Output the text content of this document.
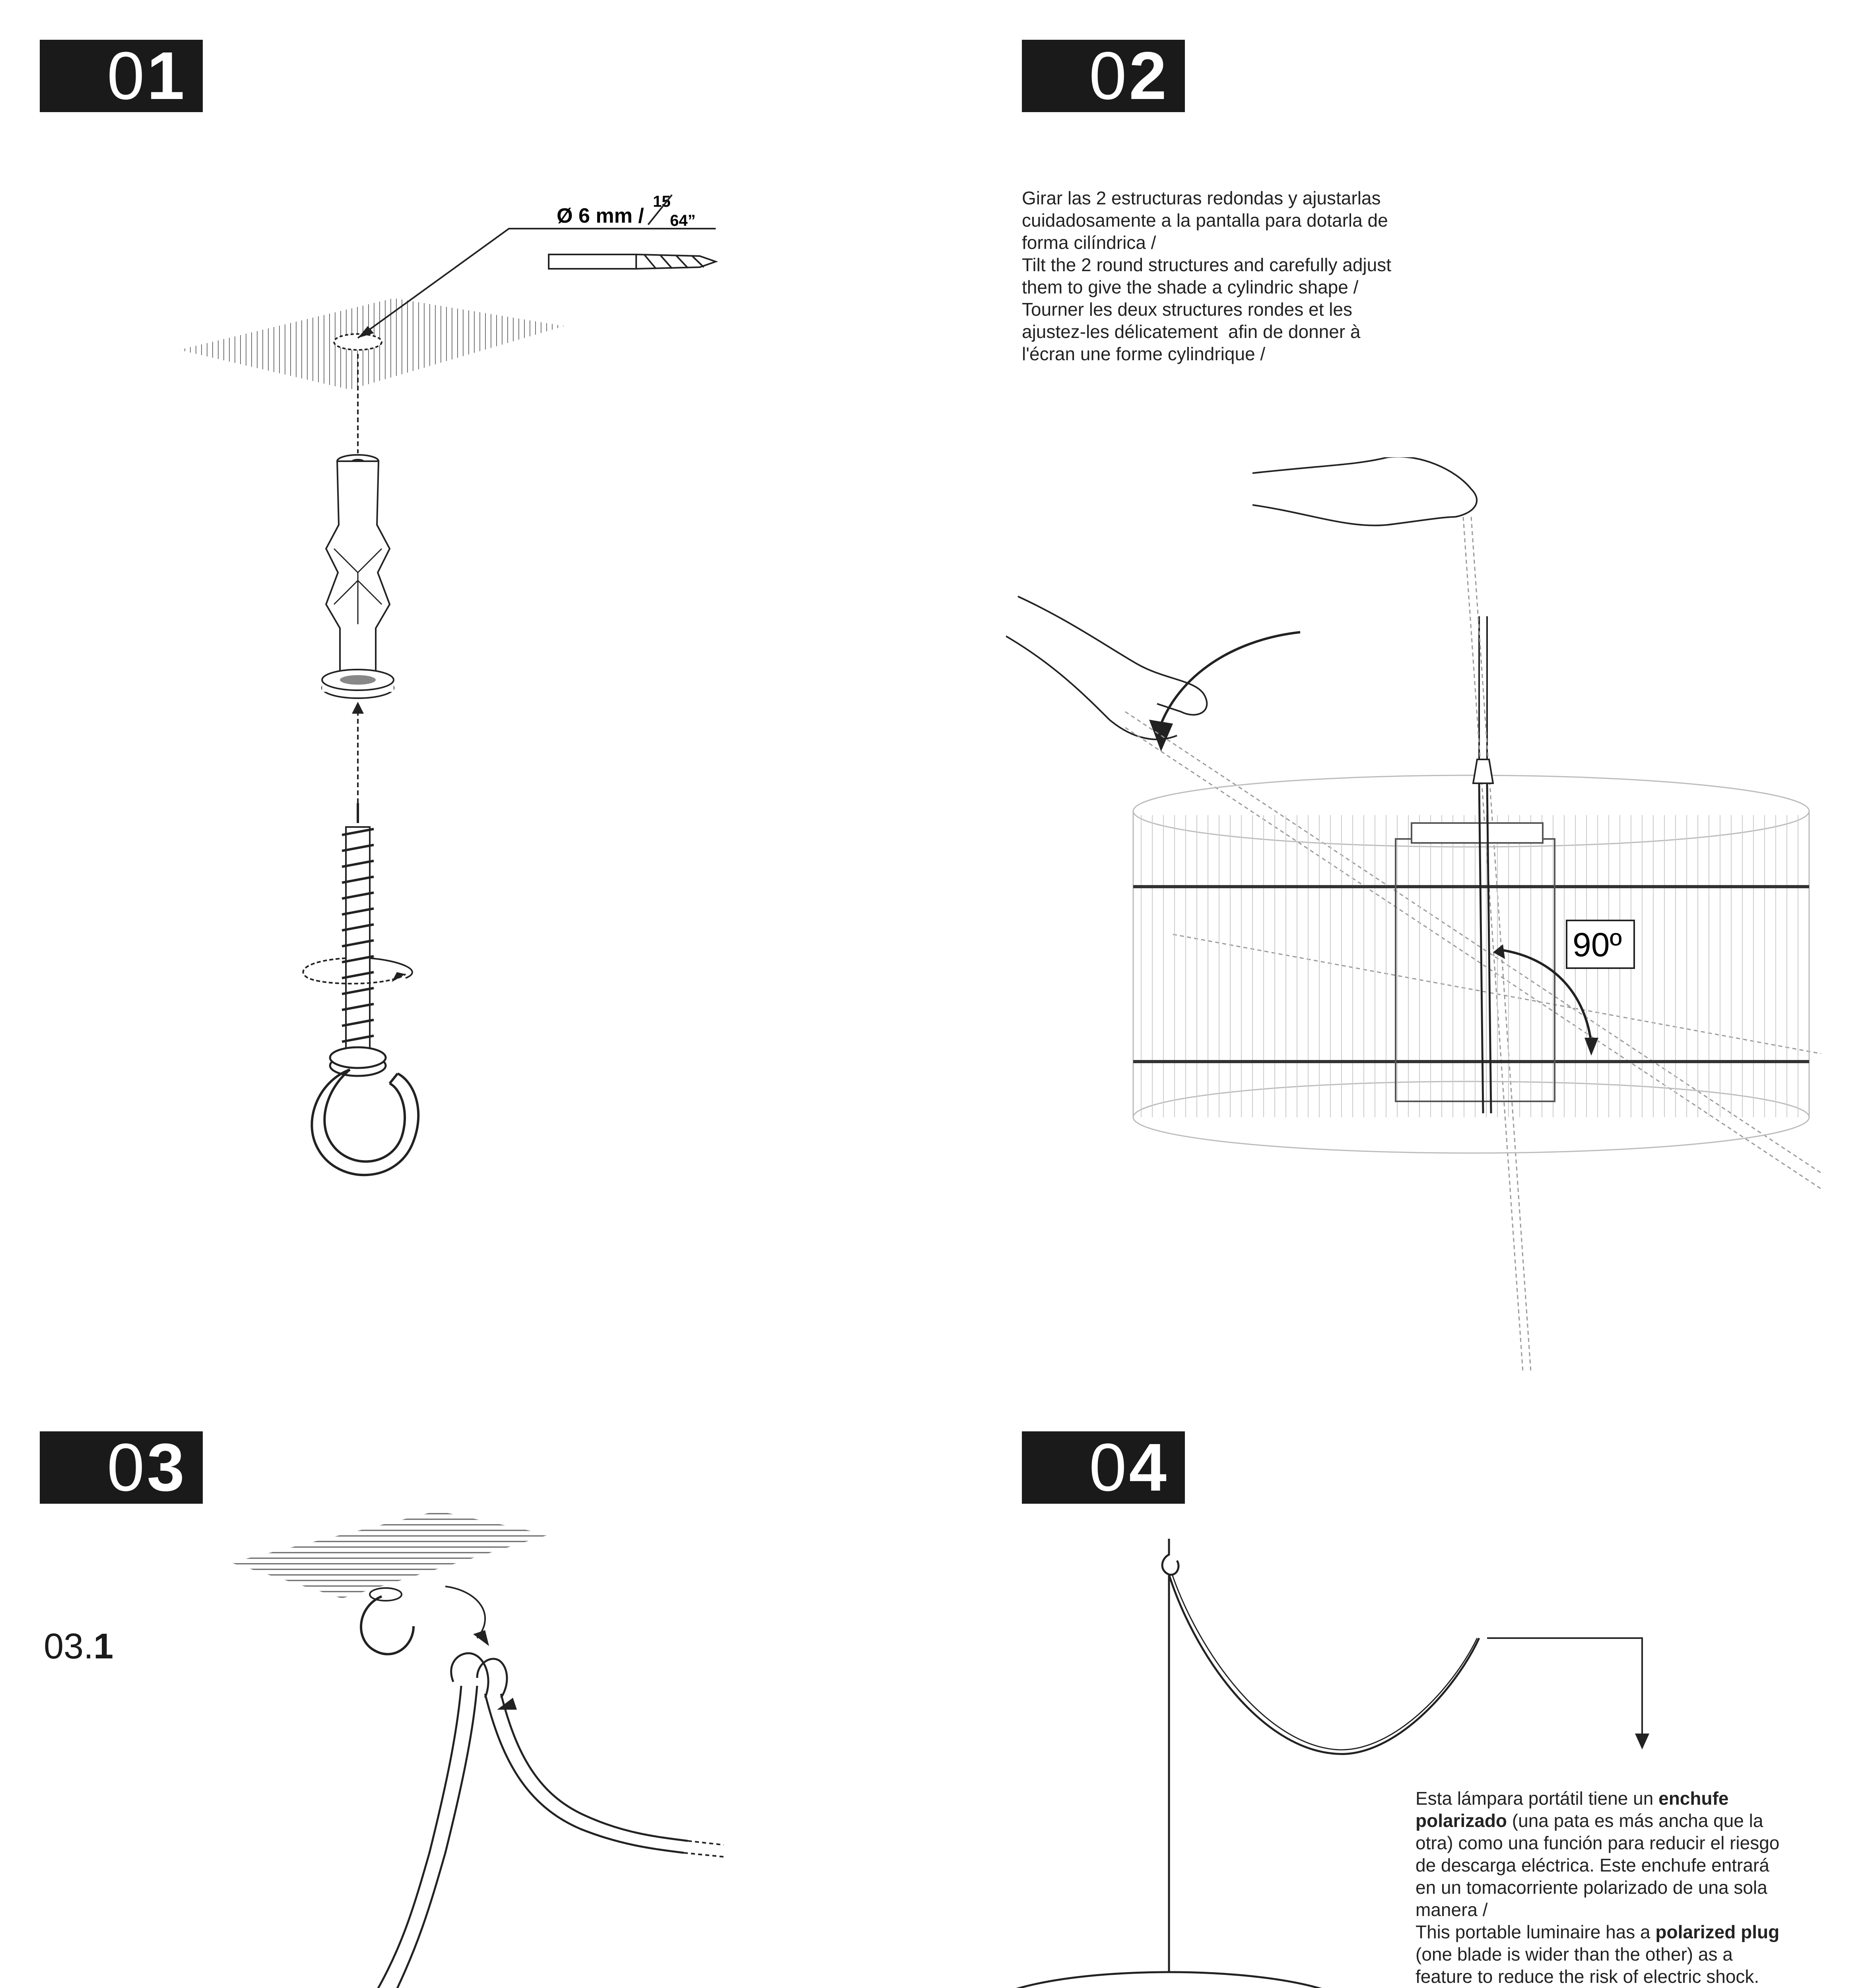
0 1	0 2
0 3	0 4
Ø 6 mm /
15
64”
Girar las 2 estructuras redondas y ajustarlas
cuidadosamente a la pantalla para dotarla de
forma cilíndrica /
Tilt the 2 round structures and carefully adjust
them to give the shade a cylindric shape /
Tourner les deux structures rondes et les
ajustez-les délicatement  afin de donner à
l'écran une forme cylindrique /
90º
03.1
Esta lámpara portátil tiene un enchufe
polarizado (una pata es más ancha que la
otra) como una función para reducir el riesgo
de descarga eléctrica. Este enchufe entrará
en un tomacorriente polarizado de una sola
manera /
This portable luminaire has a polarized plug
(one blade is wider than the other) as a
feature to reduce the risk of electric shock.
